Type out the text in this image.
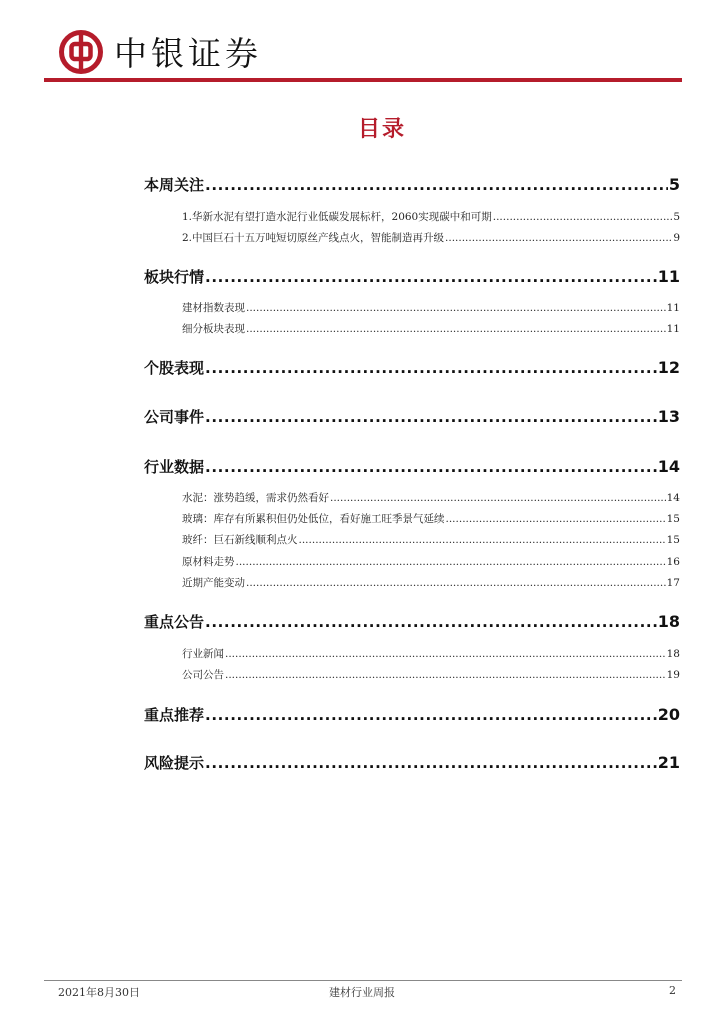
中银证券
目录
本周关注 .....	5
1.华新水泥有望打造水泥行业低碳发展标杆，2060实现碳中和可期 .....	5
2.中国巨石十五万吨短切原丝产线点火，智能制造再升级 .....	9
板块行情 .....	11
建材指数表现 .....	11
细分板块表现 .....	11
个股表现 .....	12
公司事件 .....	13
行业数据 .....	14
水泥：涨势趋缓，需求仍然看好 .....	14
玻璃：库存有所累积但仍处低位，看好施工旺季景气延续 .....	15
玻纤：巨石新线顺利点火 .....	15
原材料走势 .....	16
近期产能变动 .....	17
重点公告 .....	18
行业新闻 .....	18
公司公告 .....	19
重点推荐 .....	20
风险提示 .....	21
2021年8月30日	建材行业周报	2
